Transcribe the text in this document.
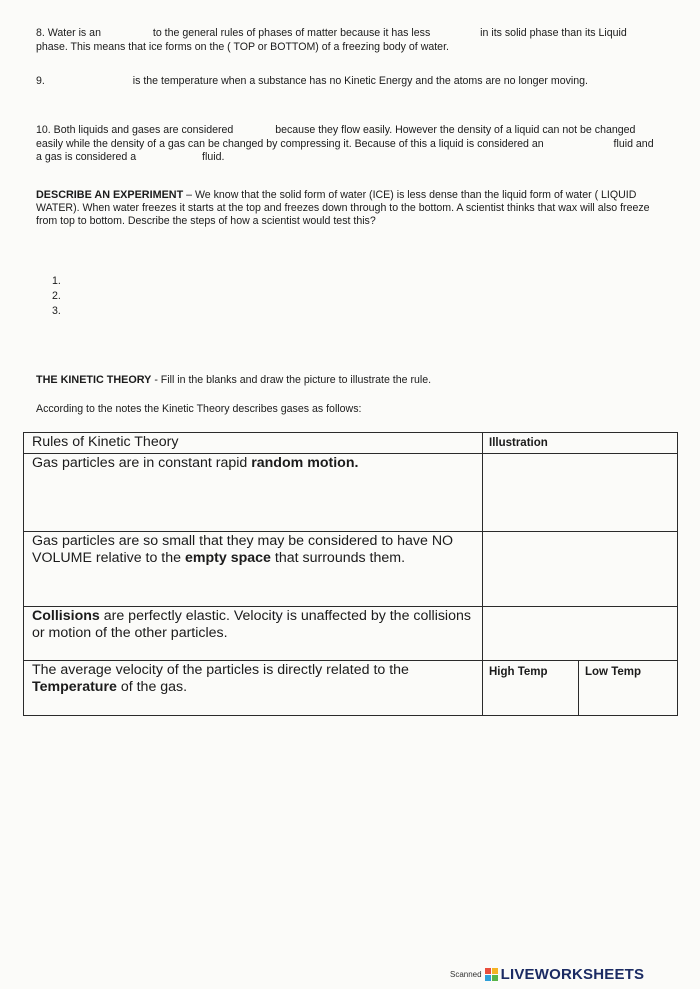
8. Water is an	to the general rules of phases of matter because it has less	in its solid phase than its Liquid phase. This means that ice forms on the ( TOP or BOTTOM) of a freezing body of water.
9.	is the temperature when a substance has no Kinetic Energy and the atoms are no longer moving.
10. Both liquids and gases are considered	because they flow easily. However the density of a liquid can not be changed easily while the density of a gas can be changed by compressing it. Because of this a liquid is considered an	fluid and a gas is considered a	fluid.
DESCRIBE AN EXPERIMENT – We know that the solid form of water (ICE) is less dense than the liquid form of water ( LIQUID WATER). When water freezes it starts at the top and freezes down through to the bottom. A scientist thinks that wax will also freeze from top to bottom. Describe the steps of how a scientist would test this?
1.
2.
3.
THE KINETIC THEORY - Fill in the blanks and draw the picture to illustrate the rule.
According to the notes the Kinetic Theory describes gases as follows:
Rules of Kinetic Theory	Illustration	
Gas particles are in constant rapid random motion.		
Gas particles are so small that they may be considered to have NO VOLUME relative to the empty space that surrounds them.		
Collisions are perfectly elastic. Velocity is unaffected by the collisions or motion of the other particles.		
The average velocity of the particles is directly related to the Temperature of the gas.	High Temp	Low Temp
Scanned LIVEWORKSHEETS
